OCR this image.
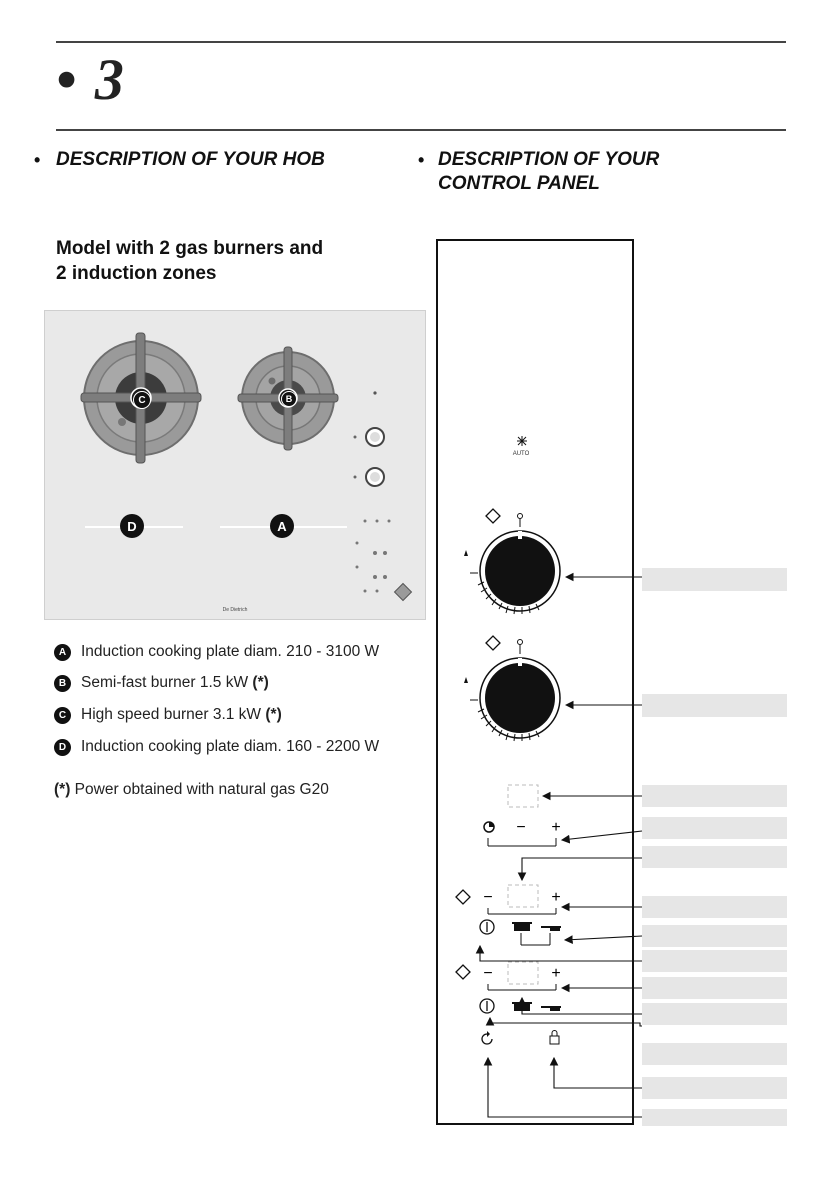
• 3
• DESCRIPTION OF YOUR HOB	• DESCRIPTION OF YOUR
CONTROL PANEL
Model with 2 gas burners and
2 induction zones
De Dietrich
C	B
D	A
A Induction cooking plate diam. 210 - 3100 W
B Semi-fast burner 1.5 kW (*)
C High speed burner 3.1 kW (*)
D Induction cooking plate diam. 160 - 2200 W
(*) Power obtained with natural gas G20
AUTO
− +
−	+
−	+
